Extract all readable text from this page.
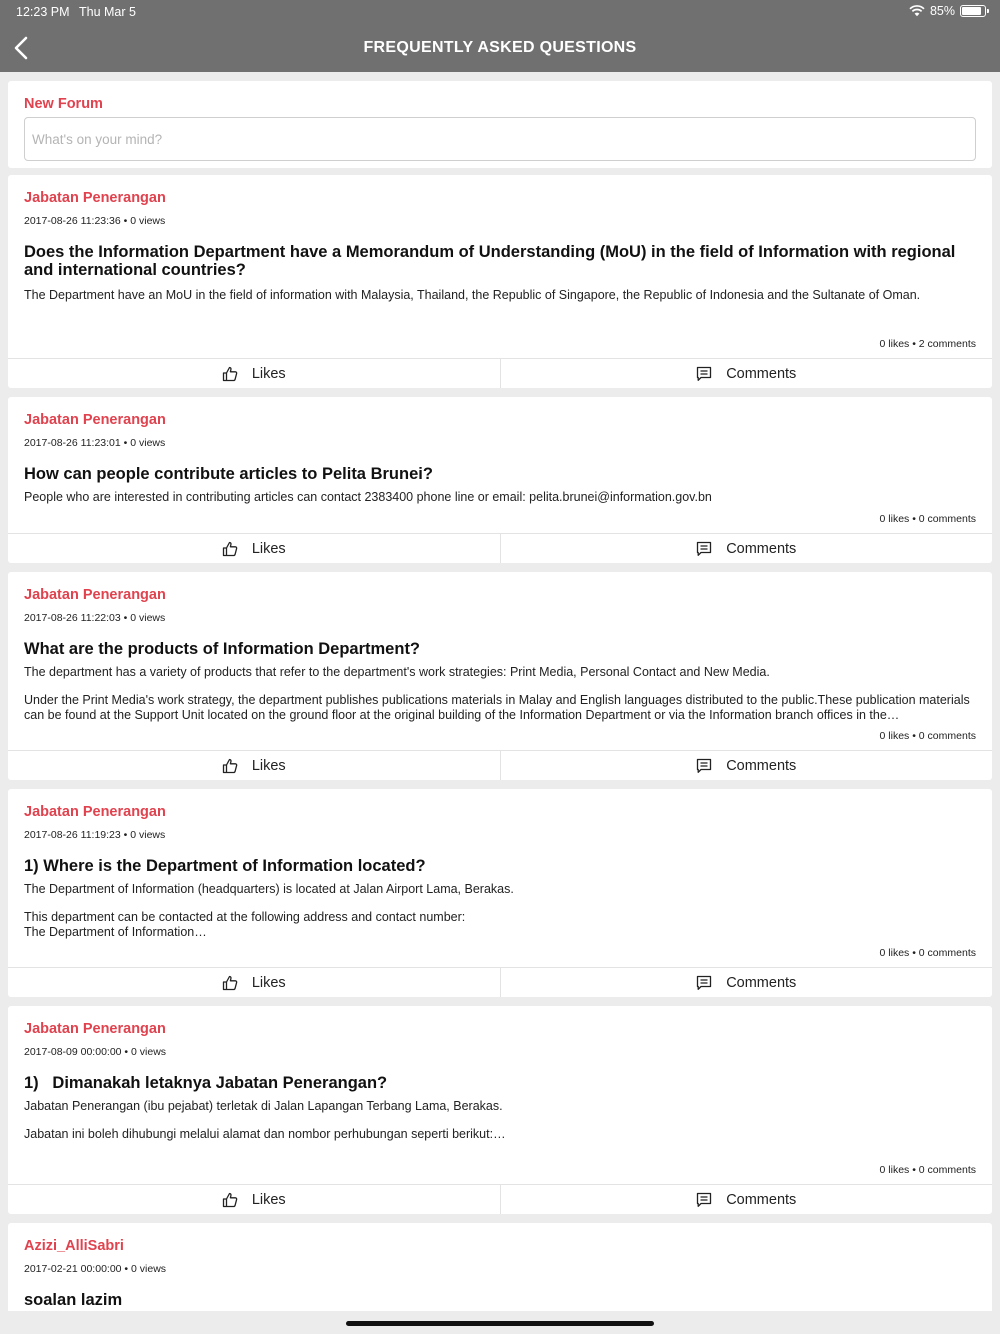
12:23 PM Thu Mar 5	85%
FREQUENTLY ASKED QUESTIONS
New Forum
What's on your mind?
Jabatan Penerangan
2017-08-26 11:23:36 • 0 views
Does the Information Department have a Memorandum of Understanding (MoU) in the field of Information with regional and international countries?

The Department have an MoU in the field of information with Malaysia, Thailand, the Republic of Singapore, the Republic of Indonesia and the Sultanate of Oman.

0 likes • 2 comments
Likes	Comments
Jabatan Penerangan
2017-08-26 11:23:01 • 0 views
How can people contribute articles to Pelita Brunei?

People who are interested in contributing articles can contact 2383400 phone line or email: pelita.brunei@information.gov.bn

0 likes • 0 comments
Likes	Comments
Jabatan Penerangan
2017-08-26 11:22:03 • 0 views
What are the products of Information Department?

The department has a variety of products that refer to the department's work strategies: Print Media, Personal Contact and New Media.

Under the Print Media's work strategy, the department publishes publications materials in Malay and English languages distributed to the public.These publication materials can be found at the Support Unit located on the ground floor at the original building of the Information Department or via the Information branch offices in the…

0 likes • 0 comments
Likes	Comments
Jabatan Penerangan
2017-08-26 11:19:23 • 0 views
1) Where is the Department of Information located?

The Department of Information (headquarters) is located at Jalan Airport Lama, Berakas.

This department can be contacted at the following address and contact number:

The Department of Information…

0 likes • 0 comments
Likes	Comments
Jabatan Penerangan
2017-08-09 00:00:00 • 0 views
1)   Dimanakah letaknya Jabatan Penerangan?

Jabatan Penerangan (ibu pejabat) terletak di Jalan Lapangan Terbang Lama, Berakas.

Jabatan ini boleh dihubungi melalui alamat dan nombor perhubungan seperti berikut:…

0 likes • 0 comments
Likes	Comments
Azizi_AlliSabri
2017-02-21 00:00:00 • 0 views
soalan lazim
